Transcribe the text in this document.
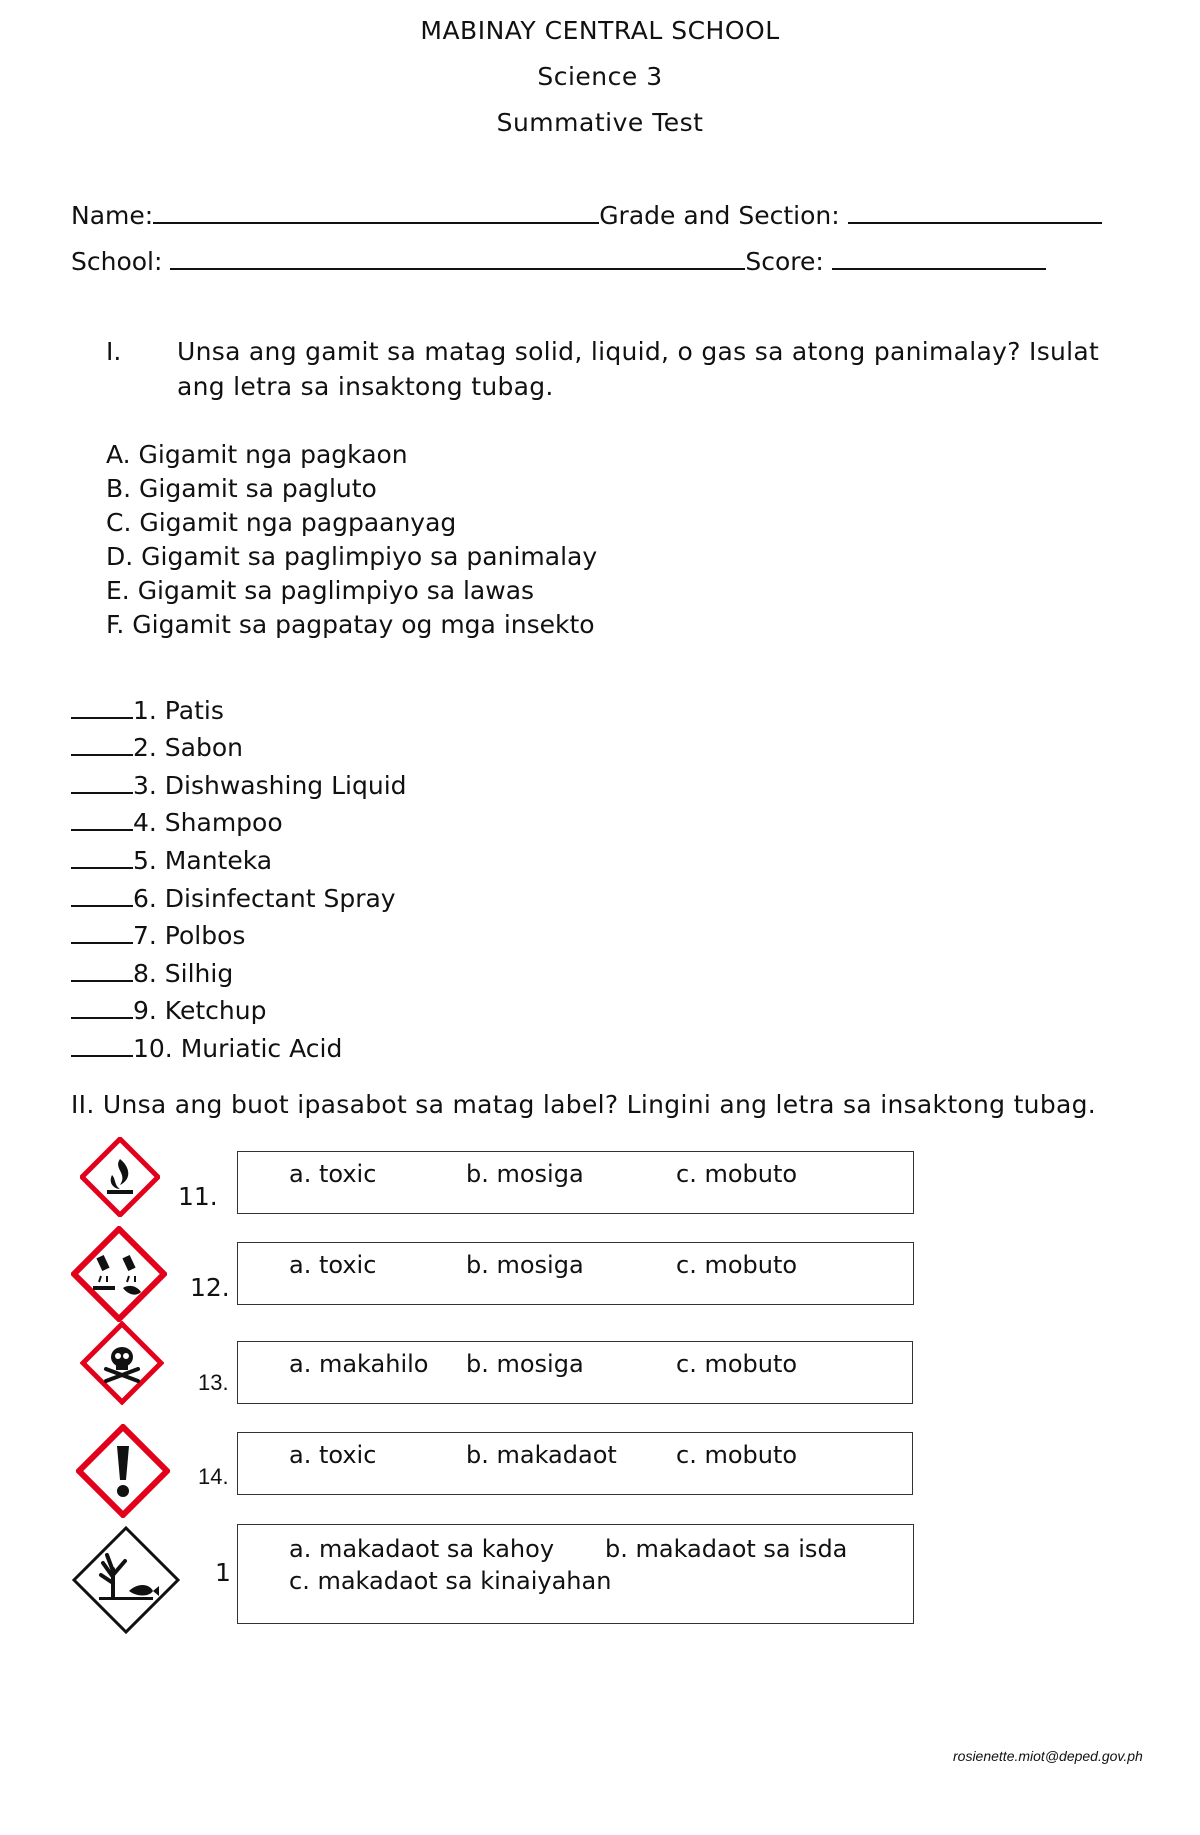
MABINAY CENTRAL SCHOOL
Science 3
Summative Test
Name:	Grade and Section:
School:	Score:
I. Unsa ang gamit sa matag solid, liquid, o gas sa atong panimalay? Isulat
ang letra sa insaktong tubag.
A. Gigamit nga pagkaon
B. Gigamit sa pagluto
C. Gigamit nga pagpaanyag
D. Gigamit sa paglimpiyo sa panimalay
E. Gigamit sa paglimpiyo sa lawas
F. Gigamit sa pagpatay og mga insekto
1. Patis
2. Sabon
3. Dishwashing Liquid
4. Shampoo
5. Manteka
6. Disinfectant Spray
7. Polbos
8. Silhig
9. Ketchup
10. Muriatic Acid
II. Unsa ang buot ipasabot sa matag label? Lingini ang letra sa insaktong tubag.
11.
a. toxic	b. mosiga	c. mobuto
12.
a. toxic	b. mosiga	c. mobuto
13.
a. makahilo b. mosiga	c. mobuto
14.
a. toxic	b. makadaot c. mobuto
1
a. makadaot sa kahoy b. makadaot sa isda
c. makadaot sa kinaiyahan
rosienette.miot@deped.gov.ph
